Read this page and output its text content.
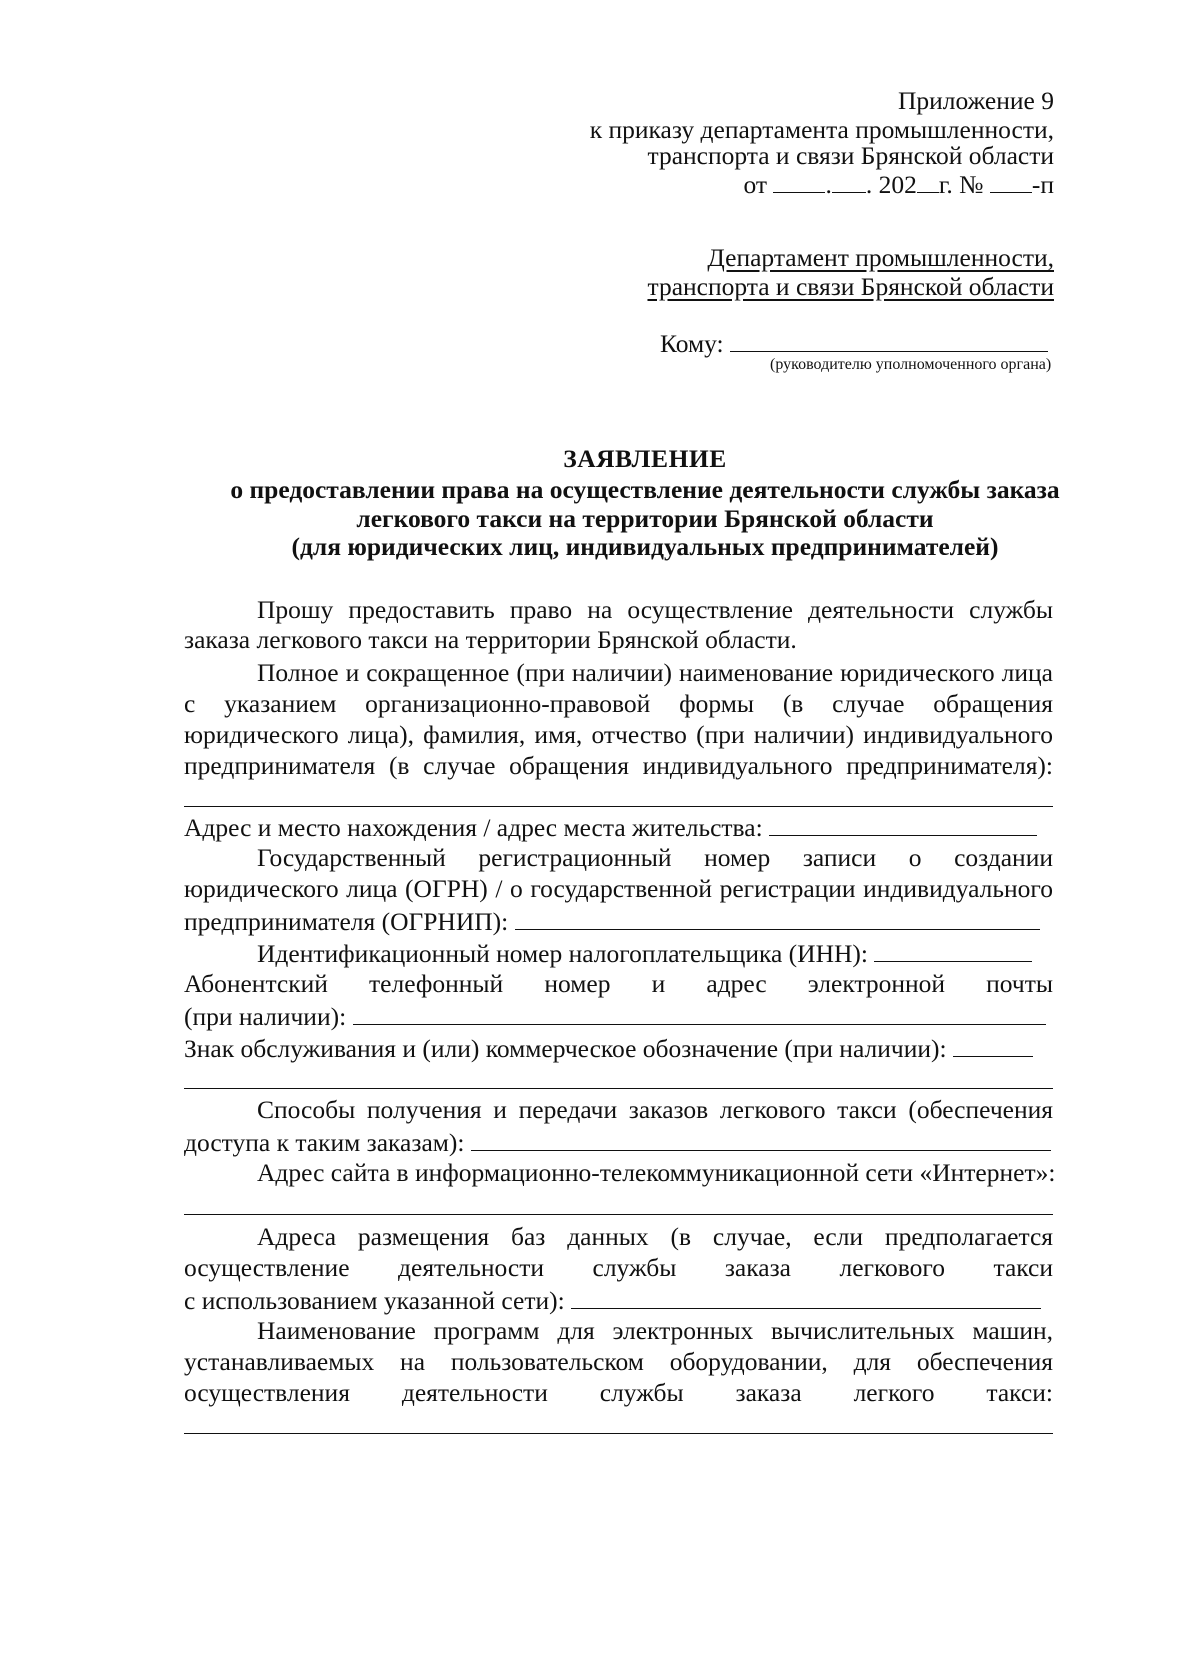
Приложение 9
к приказу департамента промышленности,
транспорта и связи Брянской области
от . . 202 г. № -п
Департамент промышленности,
транспорта и связи Брянской области
Кому:
(руководителю уполномоченного органа)
ЗАЯВЛЕНИЕ
о предоставлении права на осуществление деятельности службы заказа
легкового такси на территории Брянской области
(для юридических лиц, индивидуальных предпринимателей)
Прошу предоставить право на осуществление деятельности службы
заказа легкового такси на территории Брянской области.
Полное и сокращенное (при наличии) наименование юридического лица
с указанием организационно-правовой формы (в случае обращения
юридического лица), фамилия, имя, отчество (при наличии) индивидуального
предпринимателя (в случае обращения индивидуального предпринимателя):
Адрес и место нахождения / адрес места жительства:
Государственный регистрационный номер записи о создании
юридического лица (ОГРН) / о государственной регистрации индивидуального
предпринимателя (ОГРНИП):
Идентификационный номер налогоплательщика (ИНН):
Абонентский телефонный номер и адрес электронной почты
(при наличии):
Знак обслуживания и (или) коммерческое обозначение (при наличии):
Способы получения и передачи заказов легкового такси (обеспечения
доступа к таким заказам):
Адрес сайта в информационно-телекоммуникационной сети «Интернет»:
Адреса размещения баз данных (в случае, если предполагается
осуществление деятельности службы заказа легкового такси
с использованием указанной сети):
Наименование программ для электронных вычислительных машин,
устанавливаемых на пользовательском оборудовании, для обеспечения
осуществления деятельности службы заказа легкого такси:
